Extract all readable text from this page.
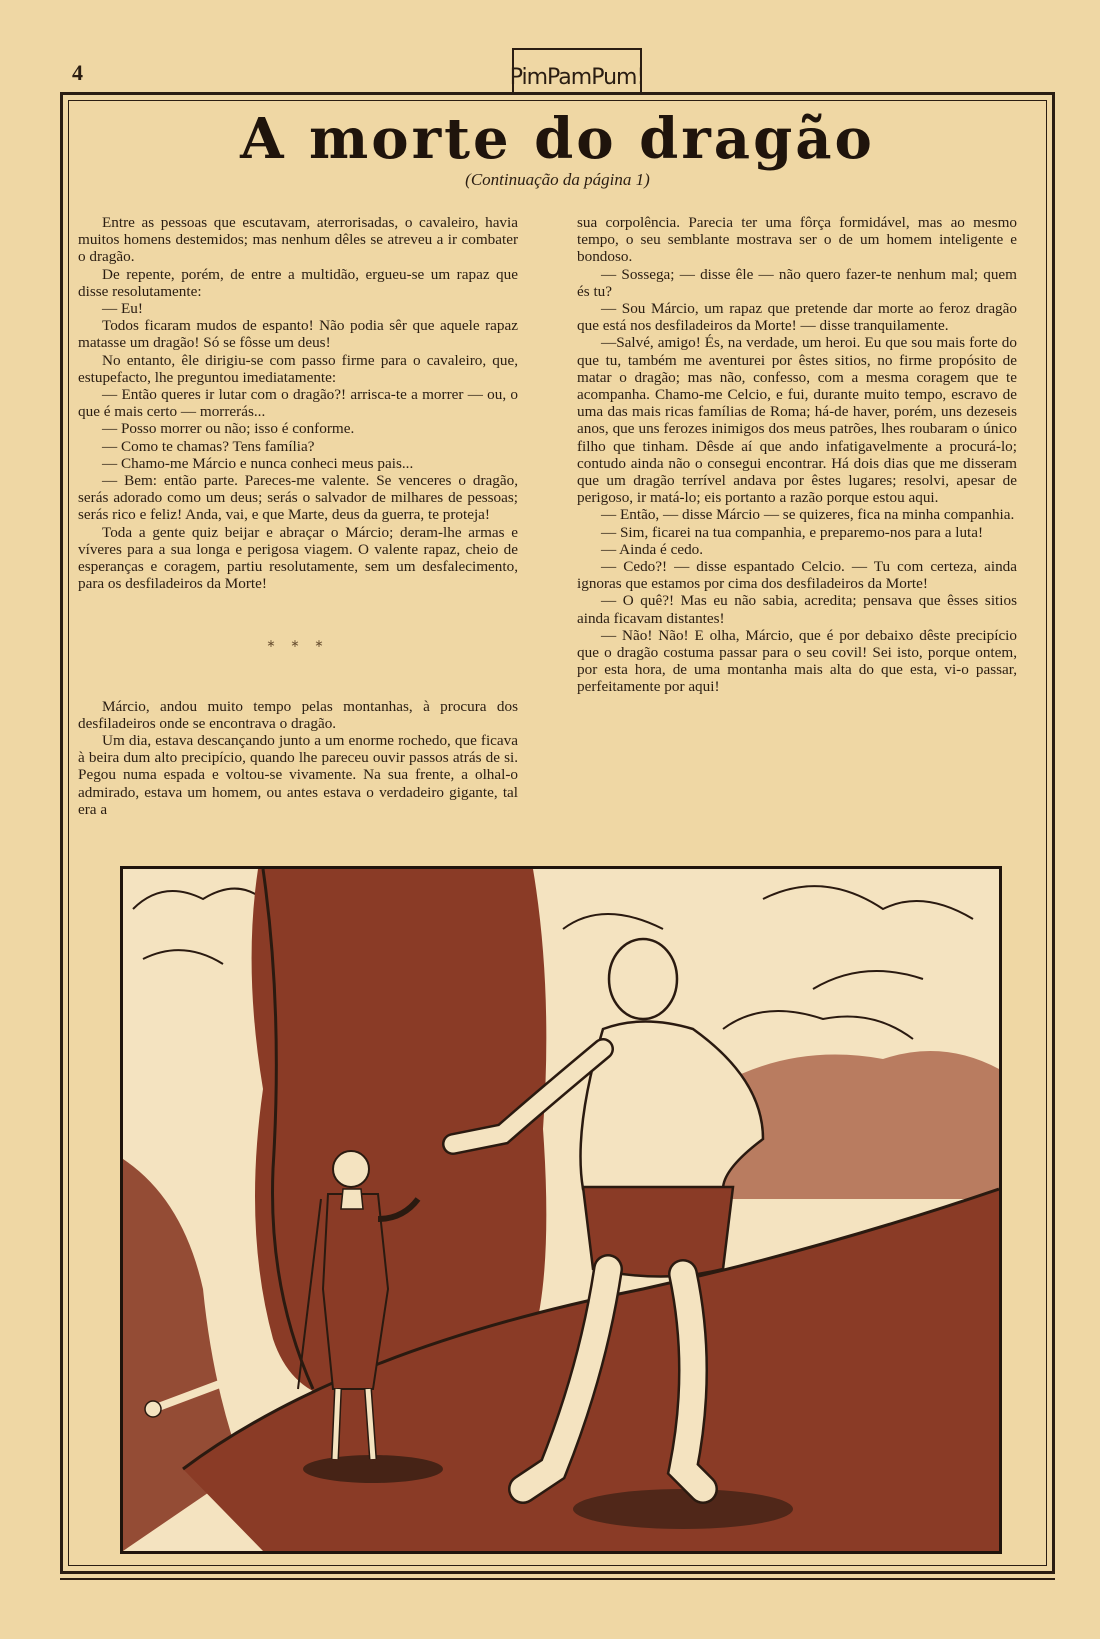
4	PimPamPum!
A morte do dragão
(Continuação da página 1)

Entre as pessoas que escutavam, aterrorisadas, o cavaleiro, havia muitos homens destemidos; mas nenhum dêles se atreveu a ir combater o dragão.

De repente, porém, de entre a multidão, ergueu-se um rapaz que disse resolutamente:

— Eu!

Todos ficaram mudos de espanto! Não podia sêr que aquele rapaz matasse um dragão! Só se fôsse um deus!

No entanto, êle dirigiu-se com passo firme para o cavaleiro, que, estupefacto, lhe preguntou imediatamente:

— Então queres ir lutar com o dragão?! arrisca-te a morrer — ou, o que é mais certo — morrerás...

— Posso morrer ou não; isso é conforme.

— Como te chamas? Tens família?

— Chamo-me Márcio e nunca conheci meus pais...

— Bem: então parte. Pareces-me valente. Se venceres o dragão, serás adorado como um deus; serás o salvador de milhares de pessoas; serás rico e feliz! Anda, vai, e que Marte, deus da guerra, te proteja!

Toda a gente quiz beijar e abraçar o Márcio; deram-lhe armas e víveres para a sua longa e perigosa viagem. O valente rapaz, cheio de esperanças e coragem, partiu resolutamente, sem um desfalecimento, para os desfiladeiros da Morte!

∗ ∗ ∗

Márcio, andou muito tempo pelas montanhas, à procura dos desfiladeiros onde se encontrava o dragão.

Um dia, estava descançando junto a um enorme rochedo, que ficava à beira dum alto precipício, quando lhe pareceu ouvir passos atrás de si. Pegou numa espada e voltou-se vivamente. Na sua frente, a olhal-o admirado, estava um homem, ou antes estava o verdadeiro gigante, tal era a

sua corpolência. Parecia ter uma fôrça formidável, mas ao mesmo tempo, o seu semblante mostrava ser o de um homem inteligente e bondoso.

— Sossega; — disse êle — não quero fazer-te nenhum mal; quem és tu?

— Sou Márcio, um rapaz que pretende dar morte ao feroz dragão que está nos desfiladeiros da Morte! — disse tranquilamente.

—Salvé, amigo! És, na verdade, um heroi. Eu que sou mais forte do que tu, também me aventurei por êstes sitios, no firme propósito de matar o dragão; mas não, confesso, com a mesma coragem que te acompanha. Chamo-me Celcio, e fui, durante muito tempo, escravo de uma das mais ricas famílias de Roma; há-de haver, porém, uns dezeseis anos, que uns ferozes inimigos dos meus patrões, lhes roubaram o único filho que tinham. Dêsde aí que ando infatigavelmente a procurá-lo; contudo ainda não o consegui encontrar. Há dois dias que me disseram que um dragão terrível andava por êstes lugares; resolvi, apesar de perigoso, ir matá-lo; eis portanto a razão porque estou aqui.

— Então, — disse Márcio — se quizeres, fica na minha companhia.

— Sim, ficarei na tua companhia, e preparemo-nos para a luta!

— Ainda é cedo.

— Cedo?! — disse espantado Celcio. — Tu com certeza, ainda ignoras que estamos por cima dos desfiladeiros da Morte!

— O quê?! Mas eu não sabia, acredita; pensava que êsses sitios ainda ficavam distantes!

— Não! Não! E olha, Márcio, que é por debaixo dêste precipício que o dragão costuma passar para o seu covil! Sei isto, porque ontem, por esta hora, de uma montanha mais alta do que esta, vi-o passar, perfeitamente por aqui!
